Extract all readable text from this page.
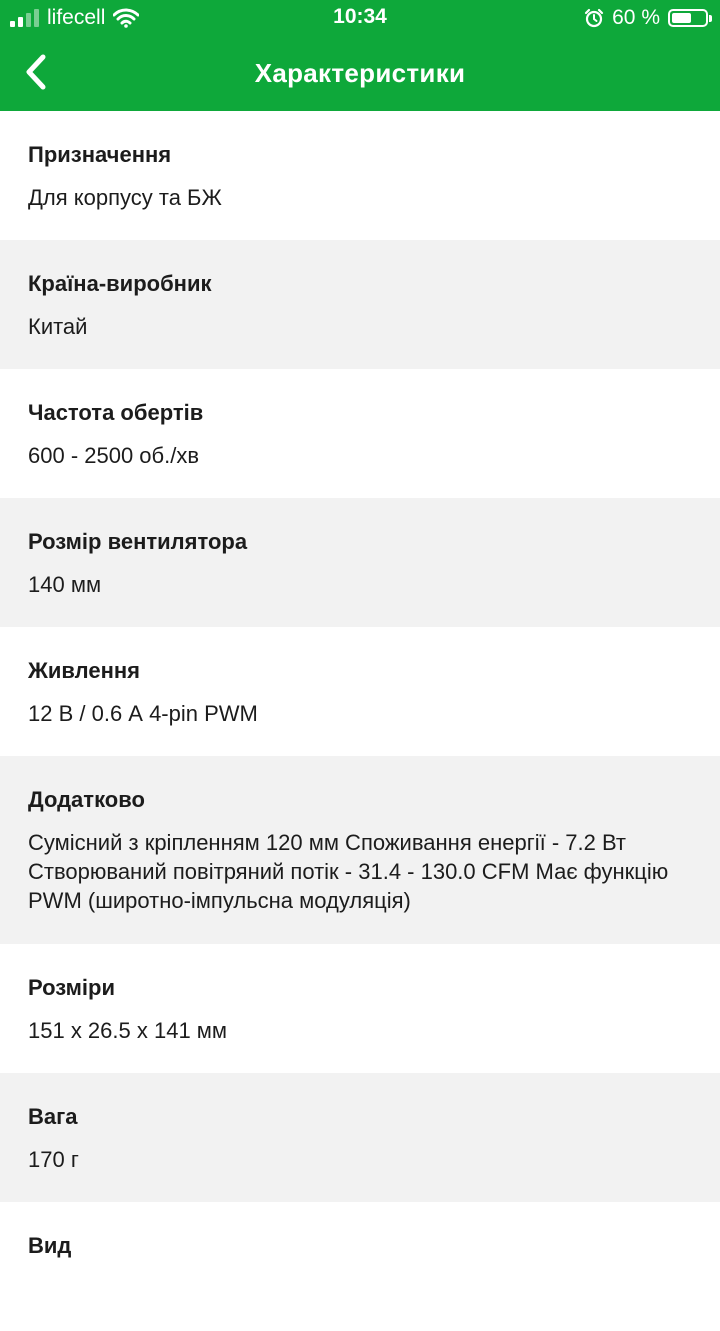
lifecell	10:34	60 %
Характеристики
Призначення
Для корпусу та БЖ
Країна-виробник
Китай
Частота обертів
600 - 2500 об./хв
Розмір вентилятора
140 мм
Живлення
12 В / 0.6 А 4-pin PWM
Додатково
Сумісний з кріпленням 120 мм Споживання енергії - 7.2 Вт Створюваний повітряний потік - 31.4 - 130.0 CFM Має функцію PWM (широтно-імпульсна модуляція)
Розміри
151 x 26.5 x 141 мм
Вага
170 г
Вид
